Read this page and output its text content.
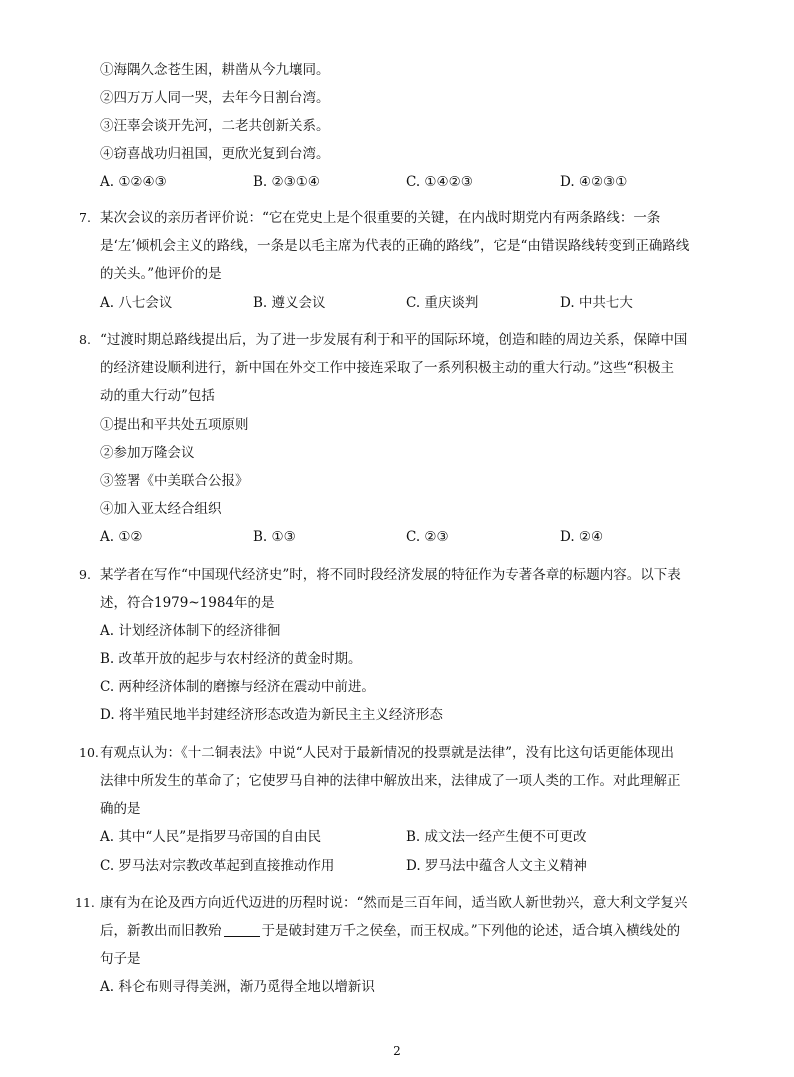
①海隅久念苍生困，耕凿从今九壤同。
②四万万人同一哭，去年今日割台湾。
③汪辜会谈开先河，二老共创新关系。
④窃喜战功归祖国，更欣光复到台湾。
A. ①②④③	B. ②③①④	C. ①④②③	D. ④②③①
7. 某次会议的亲历者评价说：“它在党史上是个很重要的关键，在内战时期党内有两条路线：一条
是‘左’倾机会主义的路线，一条是以毛主席为代表的正确的路线”，它是“由错误路线转变到正确路线
的关头。”他评价的是
A. 八七会议	B. 遵义会议	C. 重庆谈判	D. 中共七大
8. “过渡时期总路线提出后，为了进一步发展有利于和平的国际环境，创造和睦的周边关系，保障中国
的经济建设顺利进行，新中国在外交工作中接连采取了一系列积极主动的重大行动。”这些“积极主
动的重大行动”包括
①提出和平共处五项原则
②参加万隆会议
③签署《中美联合公报》
④加入亚太经合组织
A. ①②	B. ①③	C. ②③	D. ②④
9. 某学者在写作“中国现代经济史”时，将不同时段经济发展的特征作为专著各章的标题内容。以下表
述，符合1979~1984年的是
A. 计划经济体制下的经济徘徊
B. 改革开放的起步与农村经济的黄金时期。
C. 两种经济体制的磨擦与经济在震动中前进。
D. 将半殖民地半封建经济形态改造为新民主主义经济形态
10. 有观点认为：《十二铜表法》中说“人民对于最新情况的投票就是法律”，没有比这句话更能体现出
法律中所发生的革命了；它使罗马自神的法律中解放出来，法律成了一项人类的工作。对此理解正
确的是
A. 其中“人民”是指罗马帝国的自由民	B. 成文法一经产生便不可更改
C. 罗马法对宗教改革起到直接推动作用	D. 罗马法中蕴含人文主义精神
11. 康有为在论及西方向近代迈进的历程时说：“然而是三百年间，适当欧人新世勃兴，意大利文学复兴
后，新教出而旧教殆	于是破封建万千之侯垒，而王权成。”下列他的论述，适合填入横线处的
句子是
A. 科仑布则寻得美洲，渐乃觅得全地以增新识
2
